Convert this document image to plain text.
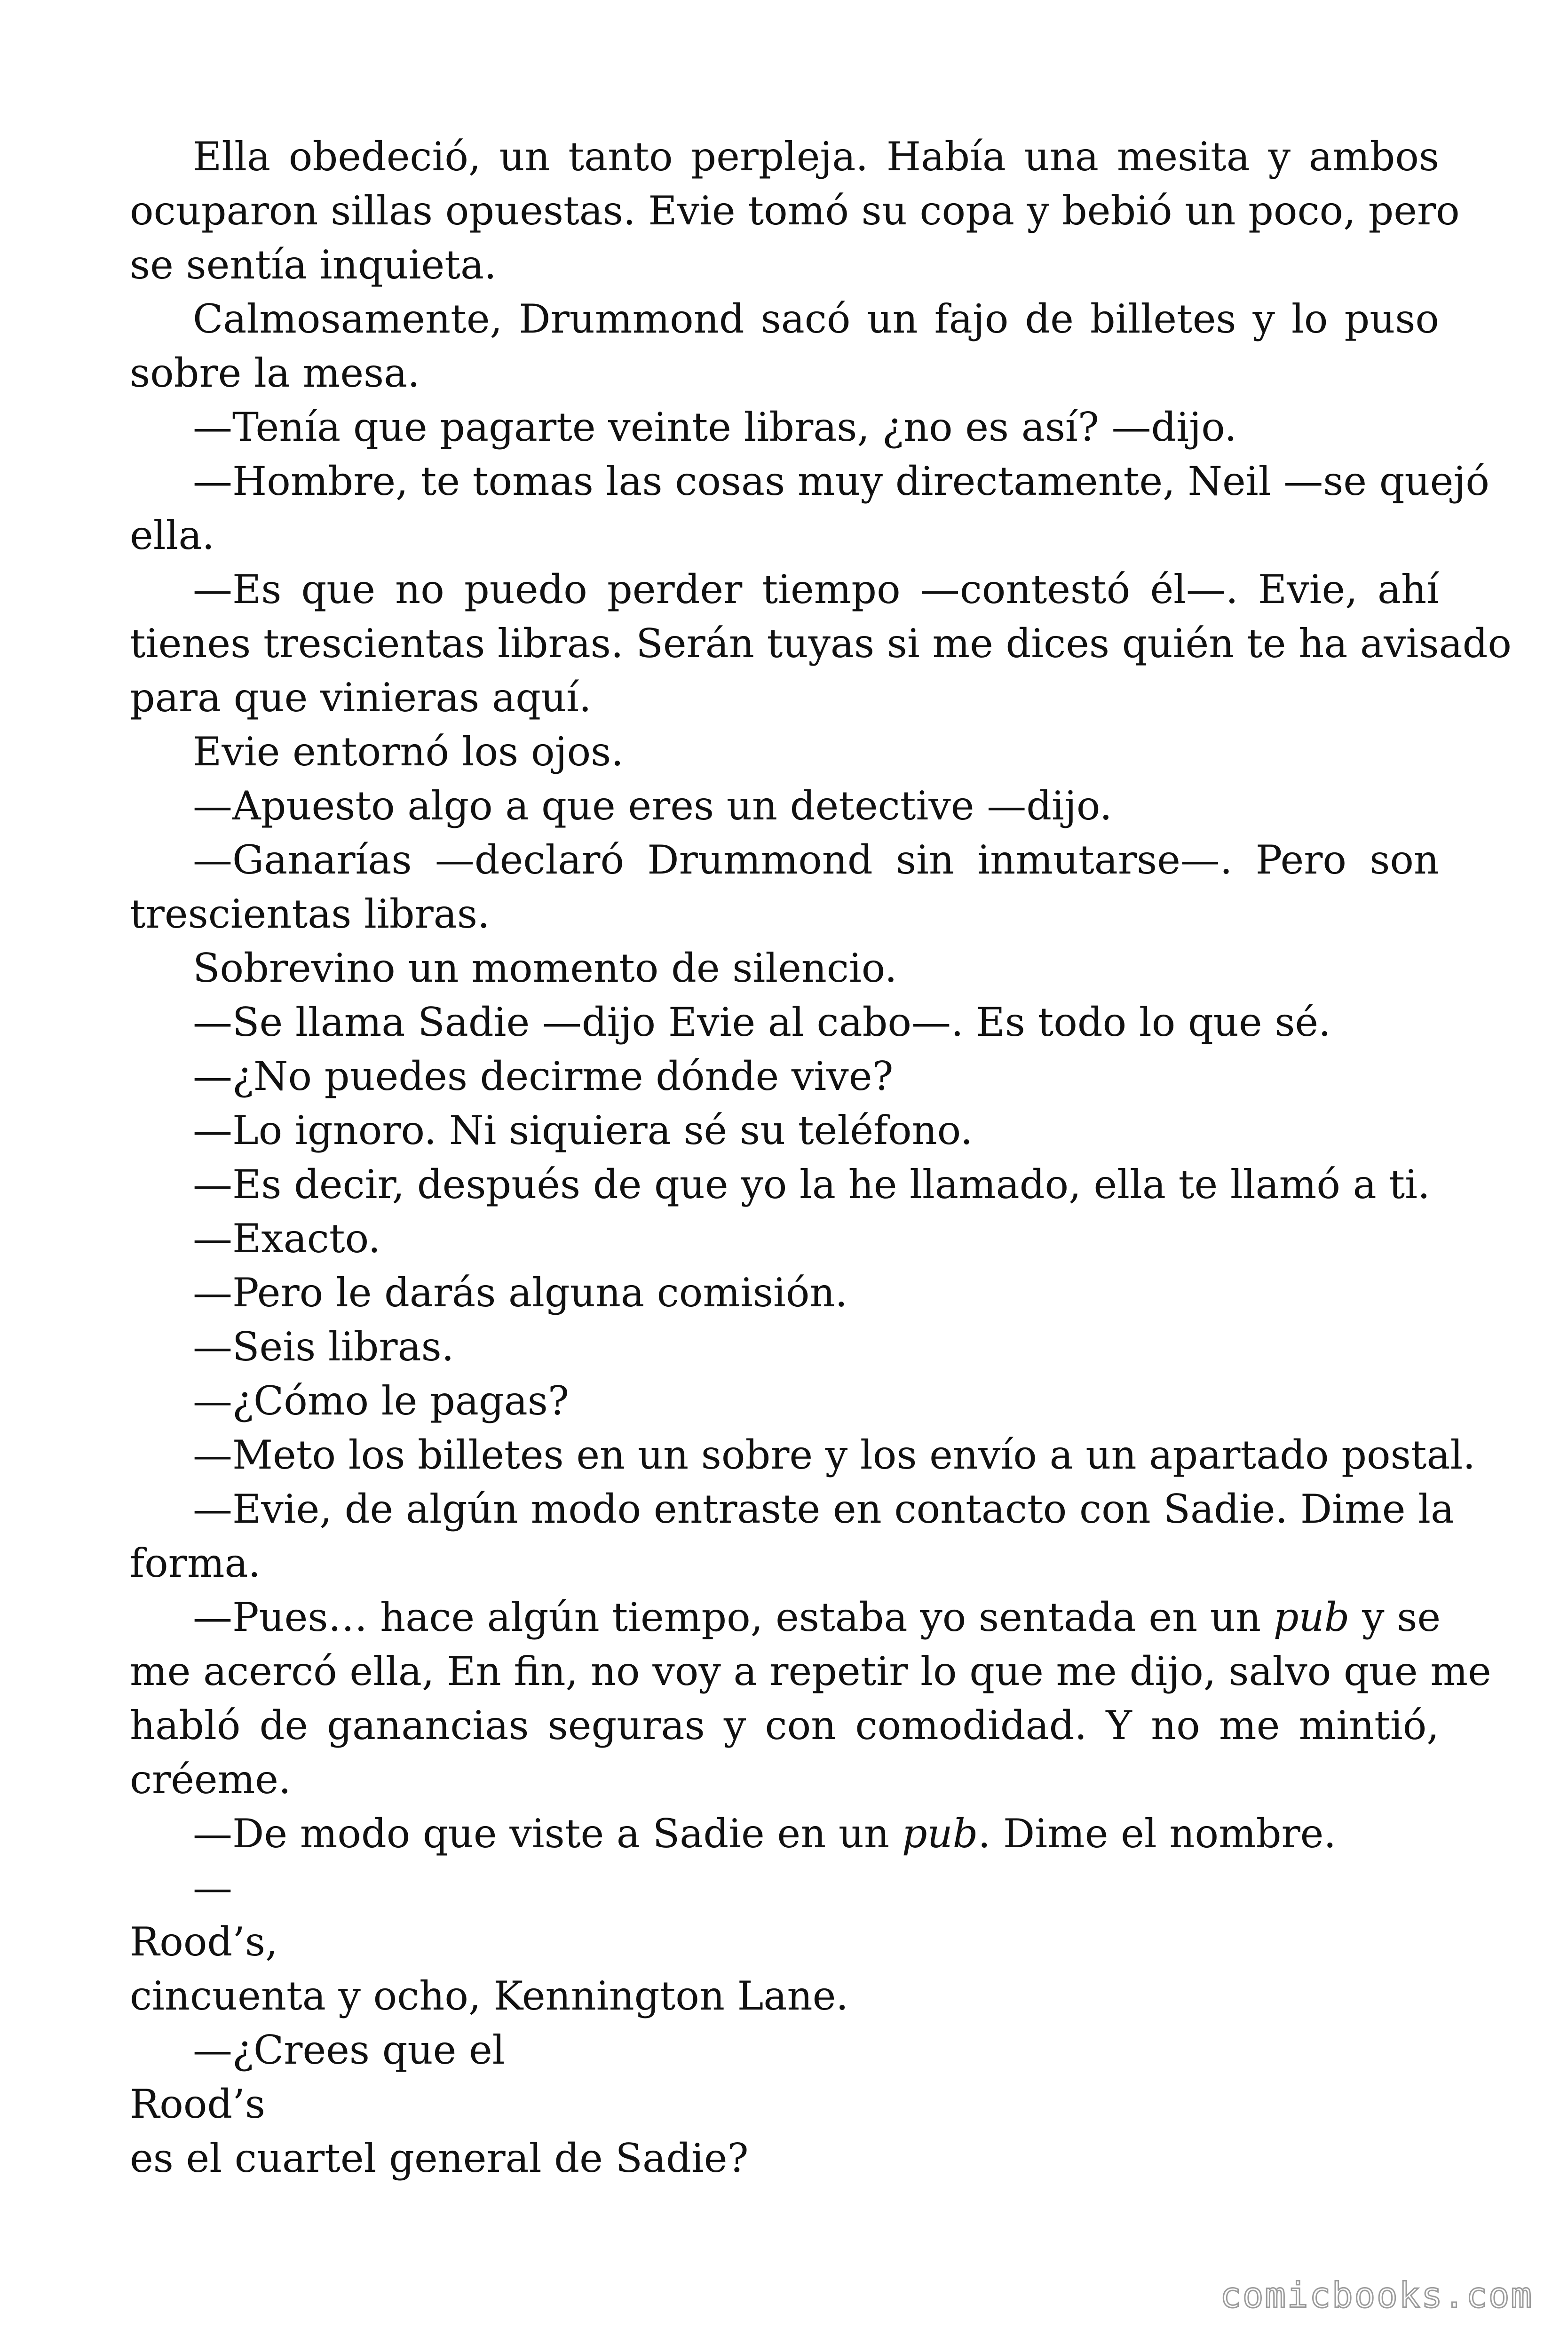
Ella obedeció, un tanto perpleja. Había una mesita y ambos

ocuparon sillas opuestas. Evie tomó su copa y bebió un poco, pero

se sentía inquieta.

Calmosamente, Drummond sacó un fajo de billetes y lo puso

sobre la mesa.

—Tenía que pagarte veinte libras, ¿no es así? —dijo.

—Hombre, te tomas las cosas muy directamente, Neil —se quejó

ella.

—Es que no puedo perder tiempo —contestó él—. Evie, ahí

tienes trescientas libras. Serán tuyas si me dices quién te ha avisado

para que vinieras aquí.

Evie entornó los ojos.

—Apuesto algo a que eres un detective —dijo.

—Ganarías —declaró Drummond sin inmutarse—. Pero son

trescientas libras.

Sobrevino un momento de silencio.

—Se llama Sadie —dijo Evie al cabo—. Es todo lo que sé.

—¿No puedes decirme dónde vive?

—Lo ignoro. Ni siquiera sé su teléfono.

—Es decir, después de que yo la he llamado, ella te llamó a ti.

—Exacto.

—Pero le darás alguna comisión.

—Seis libras.

—¿Cómo le pagas?

—Meto los billetes en un sobre y los envío a un apartado postal.

—Evie, de algún modo entraste en contacto con Sadie. Dime la

forma.

—Pues… hace algún tiempo, estaba yo sentada en un pub y se

me acercó ella, En fin, no voy a repetir lo que me dijo, salvo que me

habló de ganancias seguras y con comodidad. Y no me mintió,

créeme.

—De modo que viste a Sadie en un pub. Dime el nombre.

—

Rood’s,

cincuenta y ocho, Kennington Lane.

—¿Crees que el

Rood’s

es el cuartel general de Sadie?

comicbooks.com
